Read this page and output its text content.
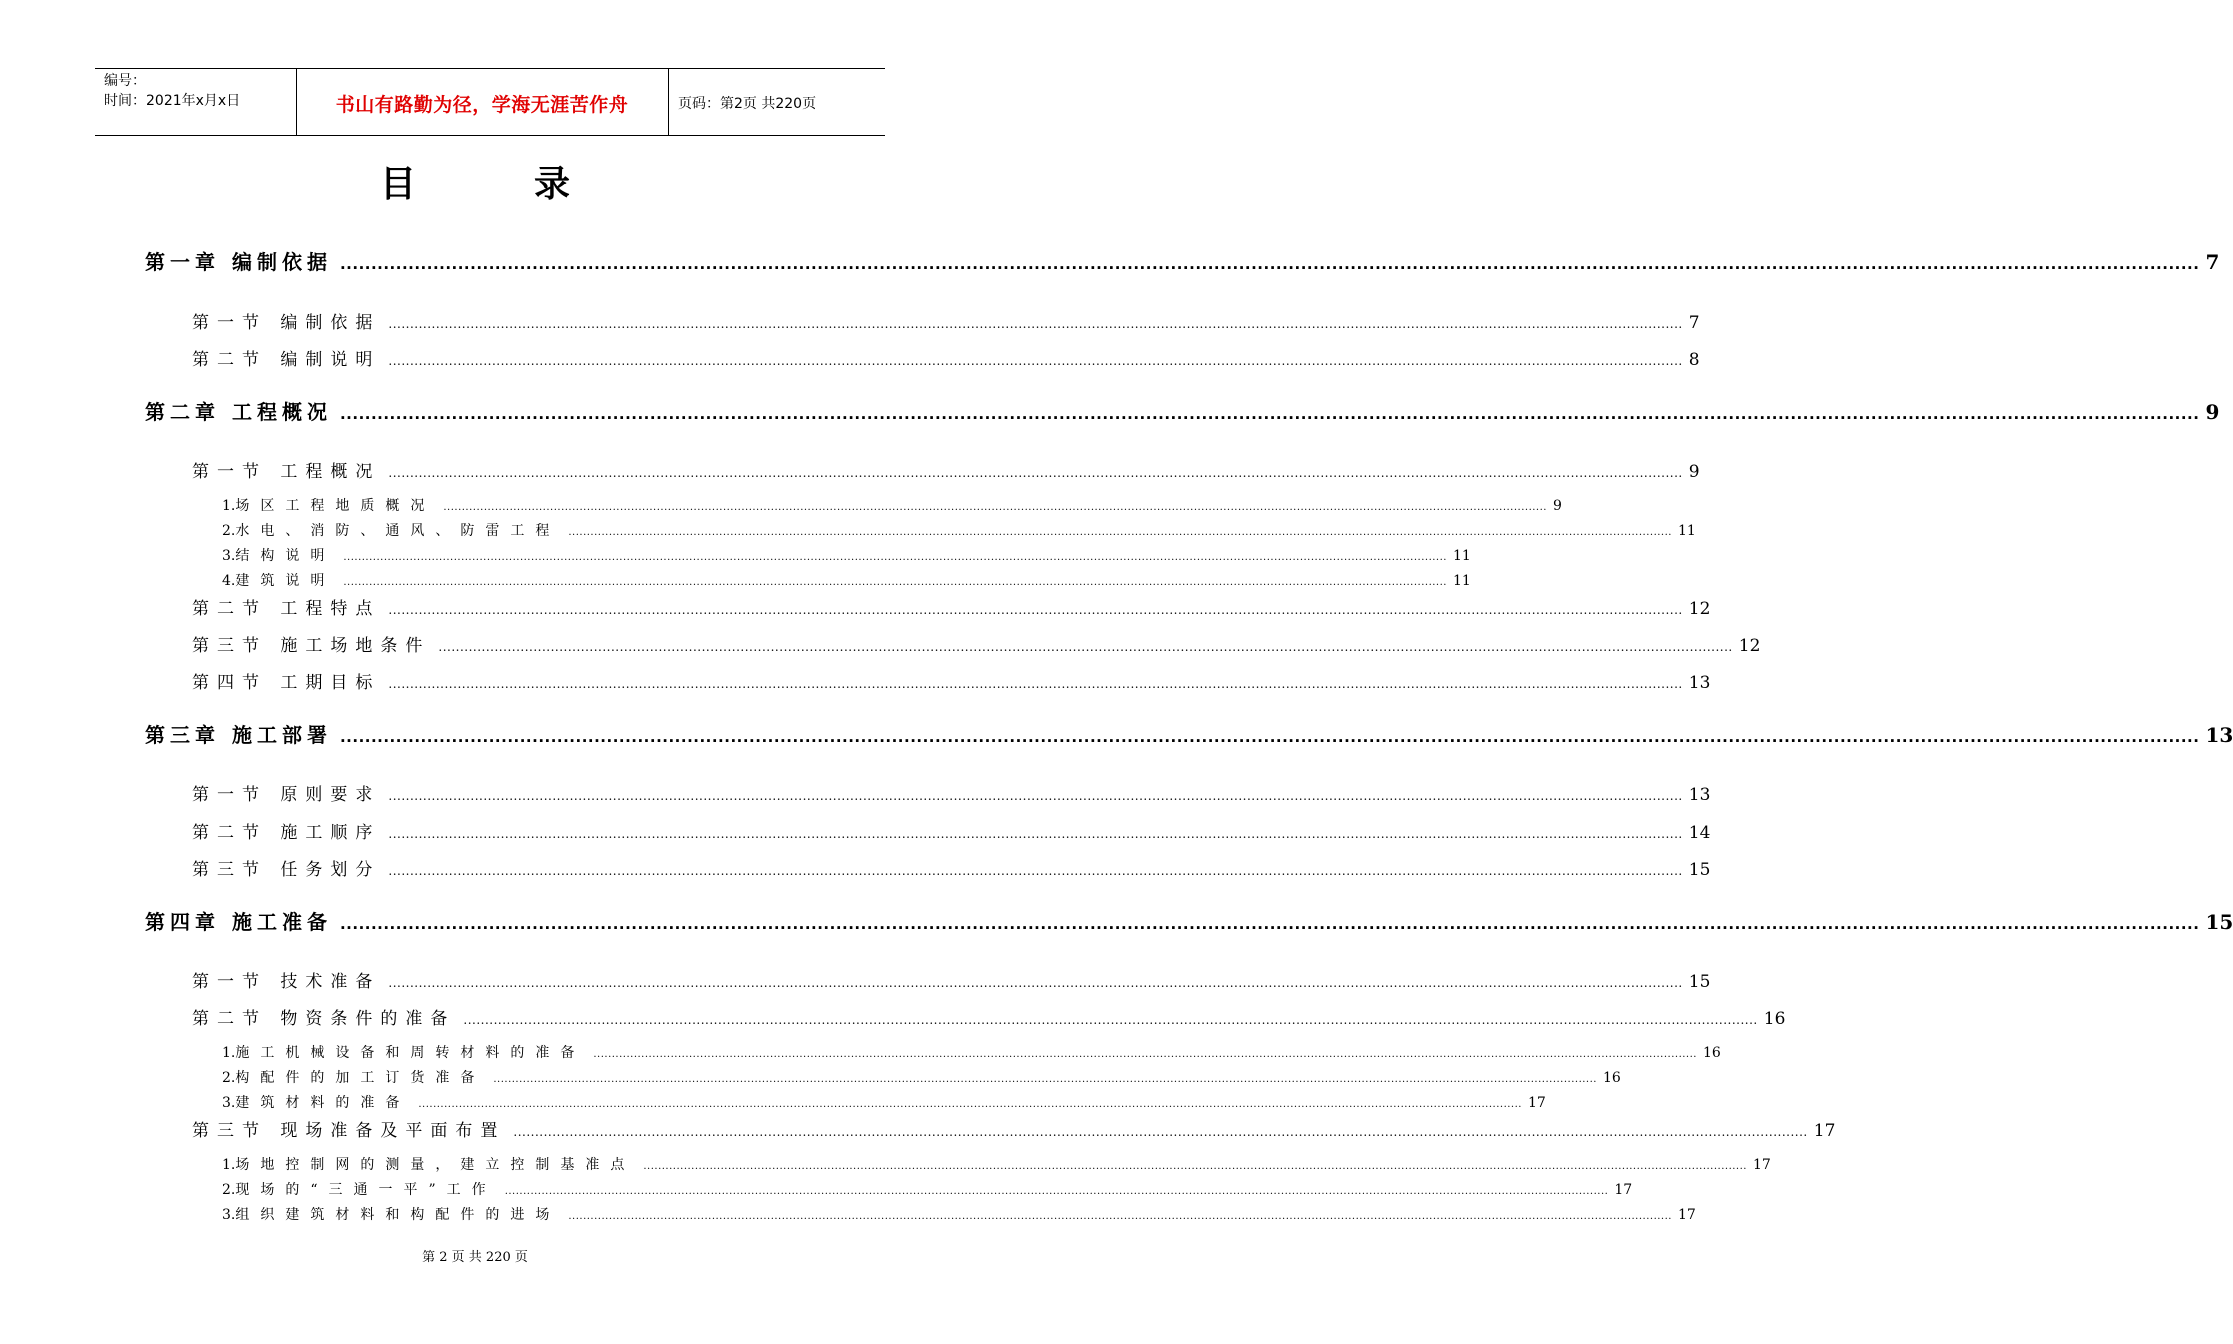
编号：
时间：2021年x月x日	书山有路勤为径，学海无涯苦作舟	页码：第2页 共220页
目	录
第一章 编制依据 ............................................................................................................................................................................................................................................................................................................ 7
第一节 编制依据 ............................................................................................................................................................................................................................................................................................................ 7
第二节 编制说明 ............................................................................................................................................................................................................................................................................................................ 8
第二章 工程概况 ............................................................................................................................................................................................................................................................................................................ 9
第一节 工程概况 ............................................................................................................................................................................................................................................................................................................ 9
1. 场区工程地质概况 ............................................................................................................................................................................................................................................................................................................ 9
2. 水电、消防、通风、防雷工程 ............................................................................................................................................................................................................................................................................................................ 11
3. 结构说明 ............................................................................................................................................................................................................................................................................................................ 11
4. 建筑说明 ............................................................................................................................................................................................................................................................................................................ 11
第二节 工程特点 ............................................................................................................................................................................................................................................................................................................ 12
第三节 施工场地条件 ............................................................................................................................................................................................................................................................................................................ 12
第四节 工期目标 ............................................................................................................................................................................................................................................................................................................ 13
第三章 施工部署 ............................................................................................................................................................................................................................................................................................................ 13
第一节 原则要求 ............................................................................................................................................................................................................................................................................................................ 13
第二节 施工顺序 ............................................................................................................................................................................................................................................................................................................ 14
第三节 任务划分 ............................................................................................................................................................................................................................................................................................................ 15
第四章 施工准备 ............................................................................................................................................................................................................................................................................................................ 15
第一节 技术准备 ............................................................................................................................................................................................................................................................................................................ 15
第二节 物资条件的准备 ............................................................................................................................................................................................................................................................................................................ 16
1. 施工机械设备和周转材料的准备 ............................................................................................................................................................................................................................................................................................................ 16
2. 构配件的加工订货准备 ............................................................................................................................................................................................................................................................................................................ 16
3. 建筑材料的准备 ............................................................................................................................................................................................................................................................................................................ 17
第三节 现场准备及平面布置 ............................................................................................................................................................................................................................................................................................................ 17
1. 场地控制网的测量，建立控制基准点 ............................................................................................................................................................................................................................................................................................................ 17
2. 现场的“三通一平”工作 ............................................................................................................................................................................................................................................................................................................ 17
3. 组织建筑材料和构配件的进场 ............................................................................................................................................................................................................................................................................................................ 17
第 2 页 共 220 页
